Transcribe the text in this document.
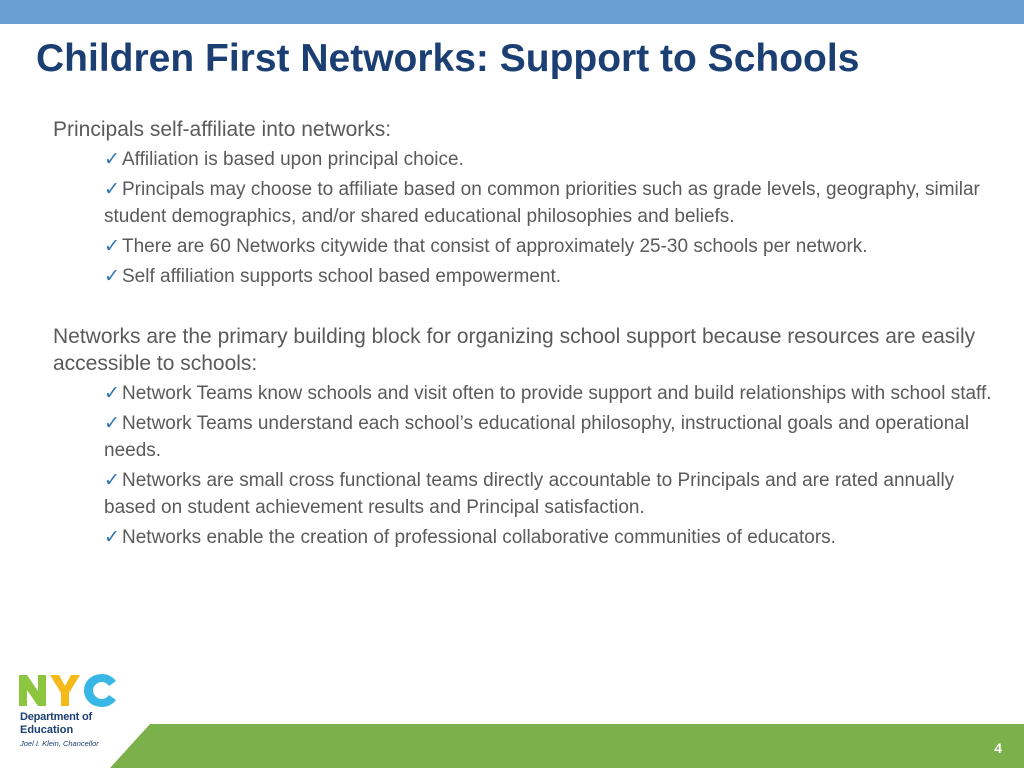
Children First Networks: Support to Schools

Principals self-affiliate into networks:

✓ Affiliation is based upon principal choice.

✓ Principals may choose to affiliate based on common priorities such as grade levels, geography, similar student demographics, and/or shared educational philosophies and beliefs.

✓ There are 60 Networks citywide that consist of approximately 25-30 schools per network.

✓ Self affiliation supports school based empowerment.

Networks are the primary building block for organizing school support because resources are easily accessible to schools:

✓ Network Teams know schools and visit often to provide support and build relationships with school staff.

✓ Network Teams understand each school’s educational philosophy, instructional goals and operational needs.

✓ Networks are small cross functional teams directly accountable to Principals and are rated annually based on student achievement results and Principal satisfaction.

✓ Networks enable the creation of professional collaborative communities of educators.

Department of
Education
Joel I. Klein, Chancellor	4
